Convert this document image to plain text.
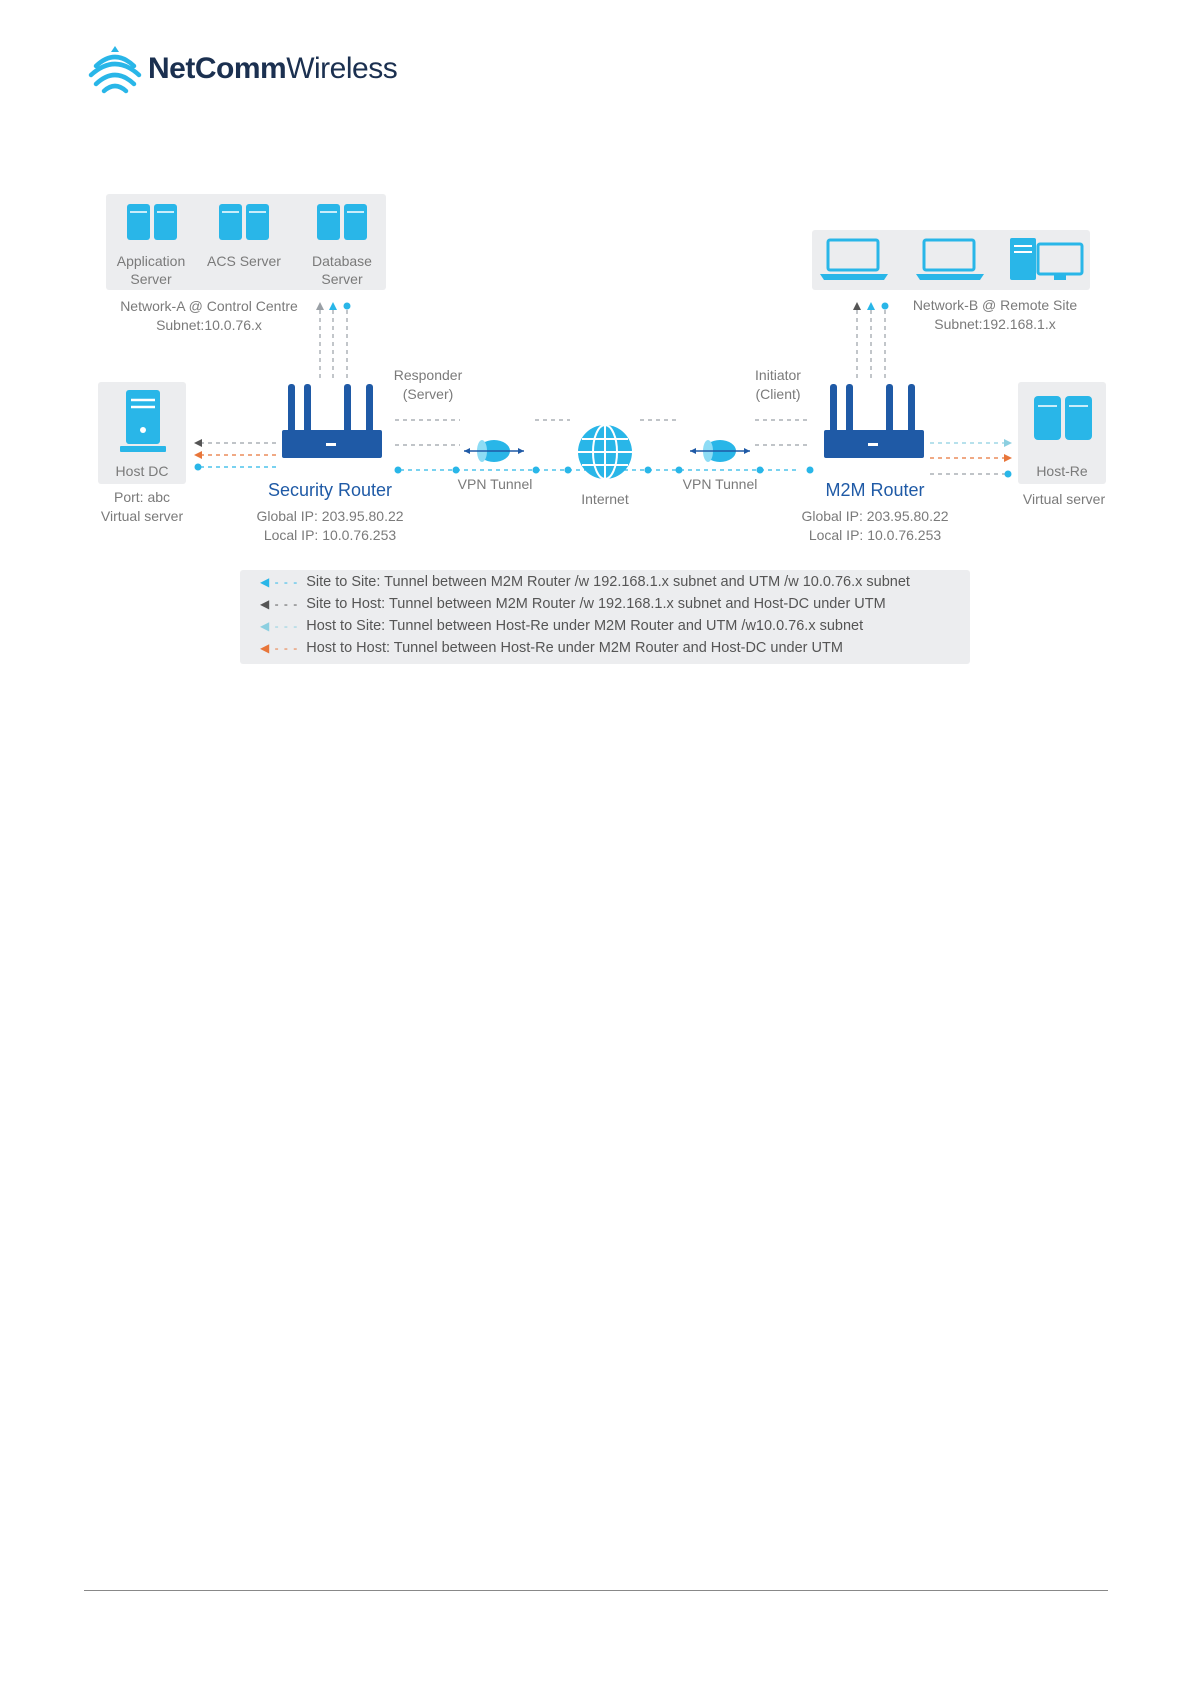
NetCommWireless
Application
Server
ACS Server	Database
Server
Network-A @ Control Centre
Subnet:10.0.76.x
Network-B @ Remote Site
Subnet:192.168.1.x
Host DC
Port: abc
Virtual server
Host-Re
Virtual server
Responder
(Server)
Security Router
Global IP: 203.95.80.22
Local IP: 10.0.76.253
Initiator
(Client)
M2M Router
Global IP: 203.95.80.22
Local IP: 10.0.76.253
VPN Tunnel	VPN Tunnel
Internet
◀ - - - Site to Site: Tunnel between M2M Router /w 192.168.1.x subnet and UTM /w 10.0.76.x subnet
◀ - - - Site to Host: Tunnel between M2M Router /w 192.168.1.x subnet and Host-DC under UTM
◀ - - - Host to Site: Tunnel between Host-Re under M2M Router and UTM /w10.0.76.x subnet
◀ - - - Host to Host: Tunnel between Host-Re under M2M Router and Host-DC under UTM
